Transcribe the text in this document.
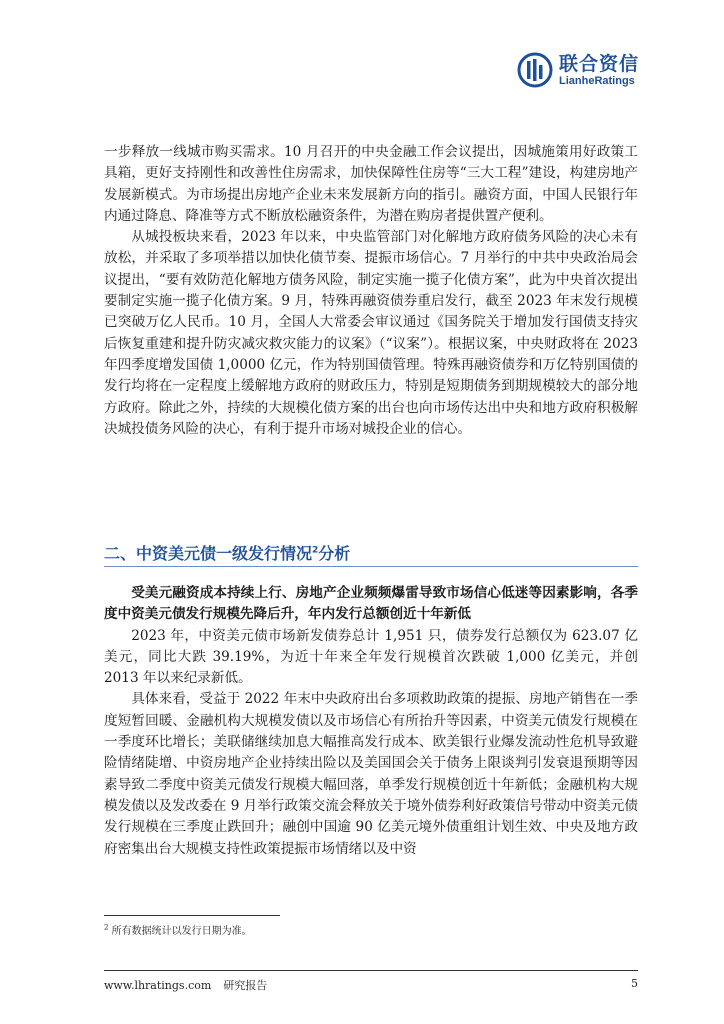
联合资信
LianheRatings

一步释放一线城市购买需求。10 月召开的中央金融工作会议提出，因城施策用好政策工具箱，更好支持刚性和改善性住房需求，加快保障性住房等“三大工程”建设，构建房地产发展新模式。为市场提出房地产企业未来发展新方向的指引。融资方面，中国人民银行年内通过降息、降准等方式不断放松融资条件，为潜在购房者提供置产便利。

从城投板块来看，2023 年以来，中央监管部门对化解地方政府债务风险的决心未有放松，并采取了多项举措以加快化债节奏、提振市场信心。7 月举行的中共中央政治局会议提出，“要有效防范化解地方债务风险，制定实施一揽子化债方案”，此为中央首次提出要制定实施一揽子化债方案。9 月，特殊再融资债券重启发行，截至 2023 年末发行规模已突破万亿人民币。10 月，全国人大常委会审议通过《国务院关于增加发行国债支持灾后恢复重建和提升防灾减灾救灾能力的议案》（“议案”）。根据议案，中央财政将在 2023 年四季度增发国债 1,0000 亿元，作为特别国债管理。特殊再融资债券和万亿特别国债的发行均将在一定程度上缓解地方政府的财政压力，特别是短期债务到期规模较大的部分地方政府。除此之外，持续的大规模化债方案的出台也向市场传达出中央和地方政府积极解决城投债务风险的决心，有利于提升市场对城投企业的信心。

二、中资美元债一级发行情况$^2$分析

受美元融资成本持续上行、房地产企业频频爆雷导致市场信心低迷等因素影响，各季度中资美元债发行规模先降后升，年内发行总额创近十年新低

2023 年，中资美元债市场新发债券总计 1,951 只，债券发行总额仅为 623.07 亿美元，同比大跌 39.19%，为近十年来全年发行规模首次跌破 1,000 亿美元，并创 2013 年以来纪录新低。

具体来看，受益于 2022 年末中央政府出台多项救助政策的提振、房地产销售在一季度短暂回暖、金融机构大规模发债以及市场信心有所抬升等因素，中资美元债发行规模在一季度环比增长；美联储继续加息大幅推高发行成本、欧美银行业爆发流动性危机导致避险情绪陡增、中资房地产企业持续出险以及美国国会关于债务上限谈判引发衰退预期等因素导致二季度中资美元债发行规模大幅回落，单季发行规模创近十年新低；金融机构大规模发债以及发改委在 9 月举行政策交流会释放关于境外债券利好政策信号带动中资美元债发行规模在三季度止跌回升；融创中国逾 90 亿美元境外债重组计划生效、中央及地方政府密集出台大规模支持性政策提振市场情绪以及中资

$^2$ 所有数据统计以发行日期为准。
www.lhratings.com 研究报告	5
